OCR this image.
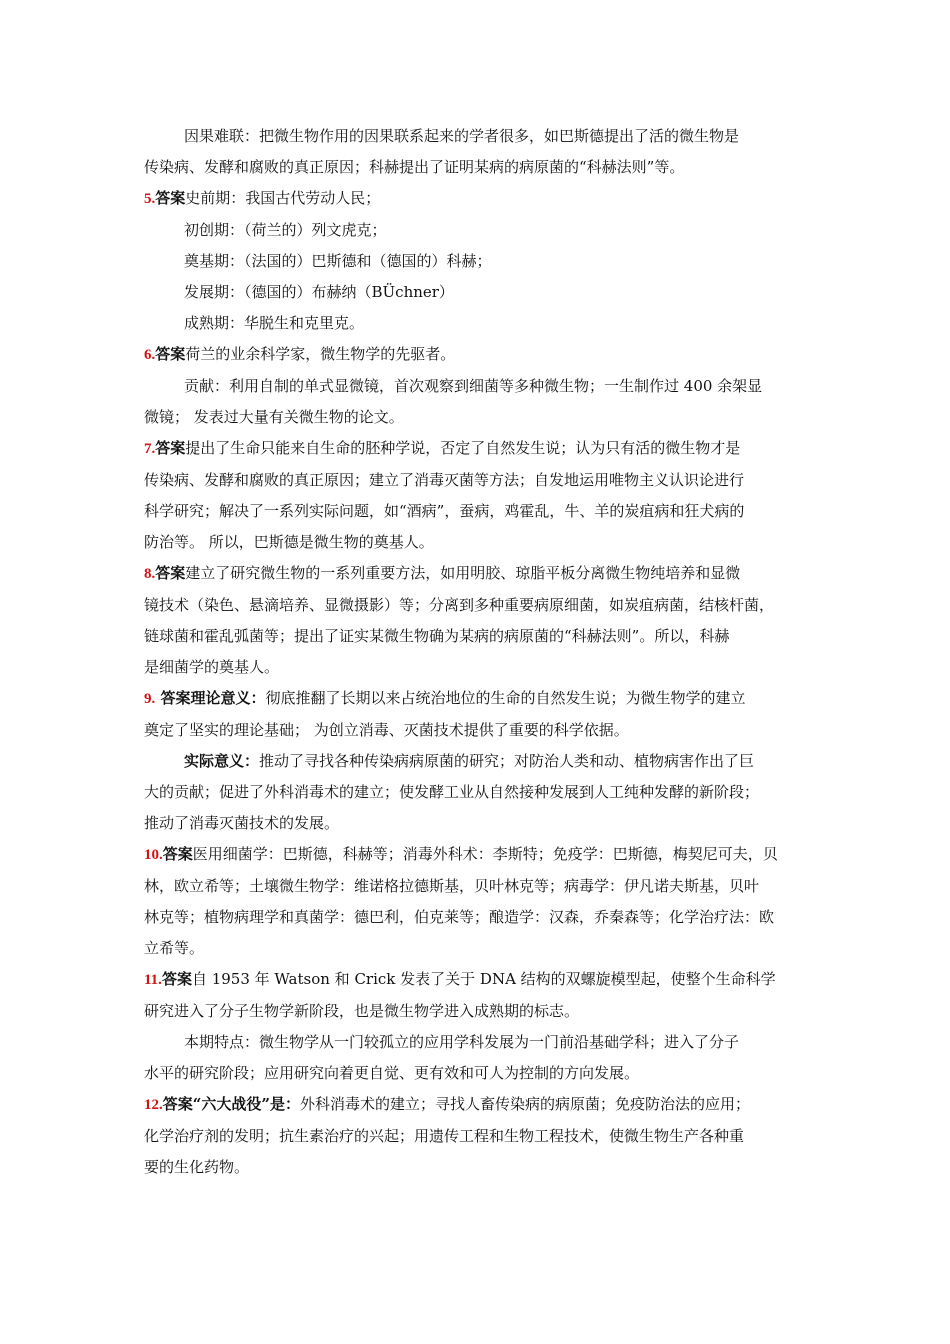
因果难联：把微生物作用的因果联系起来的学者很多，如巴斯德提出了活的微生物是
传染病、发酵和腐败的真正原因；科赫提出了证明某病的病原菌的“科赫法则”等。
5.答案史前期：我国古代劳动人民；
初创期：（荷兰的）列文虎克；
奠基期：（法国的）巴斯德和（德国的）科赫；
发展期：（德国的）布赫纳（BÜchner）
成熟期：华脱生和克里克。
6.答案荷兰的业余科学家，微生物学的先驱者。
贡献：利用自制的单式显微镜，首次观察到细菌等多种微生物；一生制作过 400 余架显
微镜； 发表过大量有关微生物的论文。
7.答案提出了生命只能来自生命的胚种学说，否定了自然发生说；认为只有活的微生物才是
传染病、发酵和腐败的真正原因；建立了消毒灭菌等方法；自发地运用唯物主义认识论进行
科学研究；解决了一系列实际问题，如“酒病”，蚕病，鸡霍乱，牛、羊的炭疽病和狂犬病的
防治等。 所以，巴斯德是微生物的奠基人。
8.答案建立了研究微生物的一系列重要方法，如用明胶、琼脂平板分离微生物纯培养和显微
镜技术（染色、悬滴培养、显微摄影）等；分离到多种重要病原细菌，如炭疽病菌，结核杆菌，
链球菌和霍乱弧菌等；提出了证实某微生物确为某病的病原菌的“科赫法则”。所以，科赫
是细菌学的奠基人。
9. 答案理论意义：彻底推翻了长期以来占统治地位的生命的自然发生说；为微生物学的建立
奠定了坚实的理论基础； 为创立消毒、灭菌技术提供了重要的科学依据。
实际意义：推动了寻找各种传染病病原菌的研究；对防治人类和动、植物病害作出了巨
大的贡献；促进了外科消毒术的建立；使发酵工业从自然接种发展到人工纯种发酵的新阶段；
推动了消毒灭菌技术的发展。
10.答案医用细菌学：巴斯德，科赫等；消毒外科术：李斯特；免疫学：巴斯德，梅契尼可夫，贝
林，欧立希等；土壤微生物学：维诺格拉德斯基，贝叶林克等；病毒学：伊凡诺夫斯基，贝叶
林克等；植物病理学和真菌学：德巴利，伯克莱等；酿造学：汉森，乔秦森等；化学治疗法：欧
立希等。
11.答案自 1953 年 Watson 和 Crick 发表了关于 DNA 结构的双螺旋模型起，使整个生命科学
研究进入了分子生物学新阶段，也是微生物学进入成熟期的标志。
本期特点：微生物学从一门较孤立的应用学科发展为一门前沿基础学科；进入了分子
水平的研究阶段；应用研究向着更自觉、更有效和可人为控制的方向发展。
12.答案“六大战役”是：外科消毒术的建立；寻找人畜传染病的病原菌；免疫防治法的应用；
化学治疗剂的发明；抗生素治疗的兴起；用遗传工程和生物工程技术，使微生物生产各种重
要的生化药物。
